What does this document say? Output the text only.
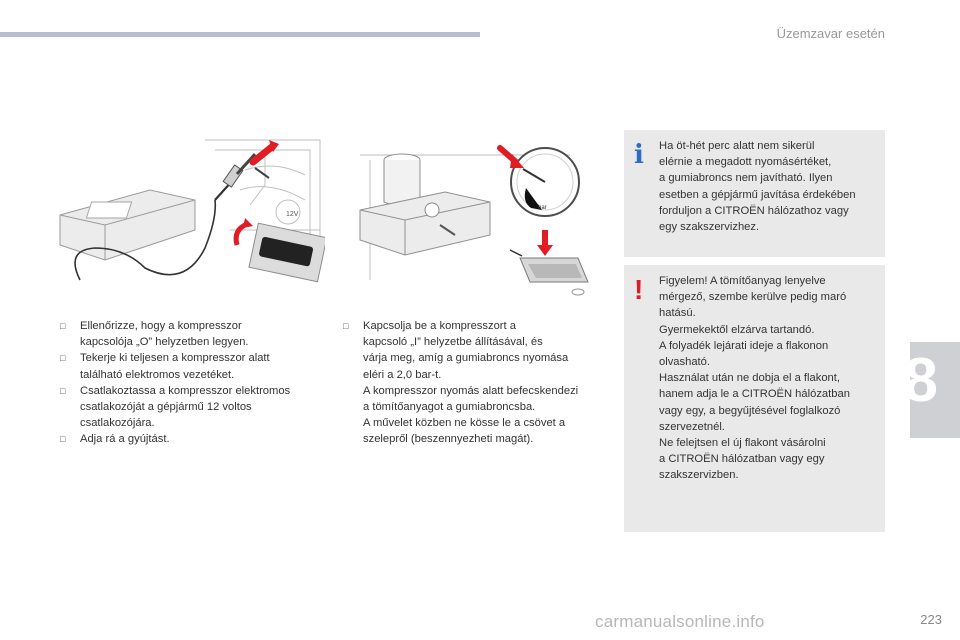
Üzemzavar esetén
8
12V
bar
□ Ellenőrizze, hogy a kompresszor
kapcsolója „O” helyzetben legyen.
□ Tekerje ki teljesen a kompresszor alatt
található elektromos vezetéket.
□ Csatlakoztassa a kompresszor elektromos
csatlakozóját a gépjármű 12 voltos
csatlakozójára.
□ Adja rá a gyújtást.
□ Kapcsolja be a kompresszort a
kapcsoló „I” helyzetbe állításával, és
várja meg, amíg a gumiabroncs nyomása
eléri a 2,0 bar-t.
A kompresszor nyomás alatt befecskendezi
a tömítőanyagot a gumiabroncsba.
A művelet közben ne kösse le a csövet a
szelepről (beszennyezheti magát).
i Ha öt-hét perc alatt nem sikerül
elérnie a megadott nyomásértéket,
a gumiabroncs nem javítható. Ilyen
esetben a gépjármű javítása érdekében
forduljon a CITROËN hálózathoz vagy
egy szakszervizhez.
! Figyelem! A tömítőanyag lenyelve
mérgező, szembe kerülve pedig maró
hatású.
Gyermekektől elzárva tartandó.
A folyadék lejárati ideje a flakonon
olvasható.
Használat után ne dobja el a flakont,
hanem adja le a CITROËN hálózatban
vagy egy, a begyűjtésével foglalkozó
szervezetnél.
Ne felejtsen el új flakont vásárolni
a CITROËN hálózatban vagy egy
szakszervizben.
carmanualsonline.info	223
